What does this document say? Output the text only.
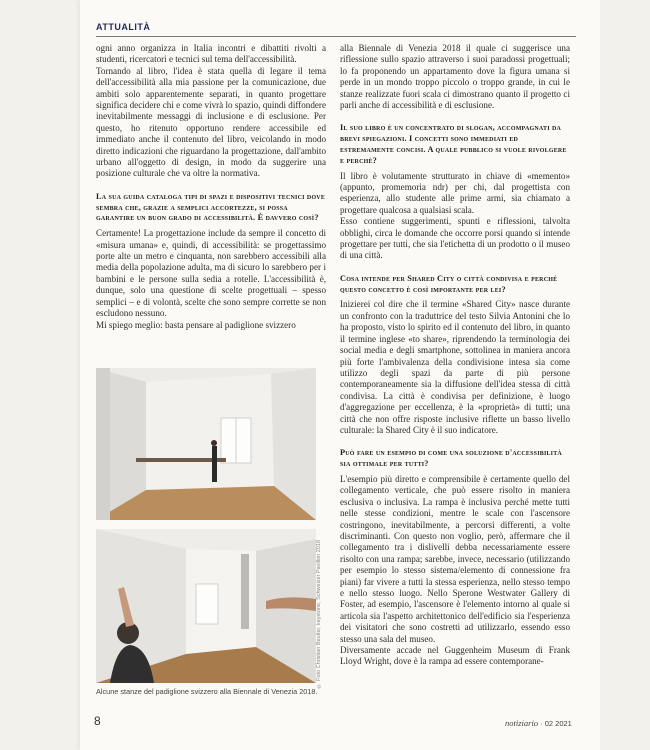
ATTUALITÀ

ogni anno organizza in Italia incontri e dibattiti rivolti a studenti, ricercatori e tecnici sul tema dell'accessibilità.

Tornando al libro, l'idea è stata quella di legare il tema dell'accessibilità alla mia passione per la comunicazione, due ambiti solo apparentemente separati, in quanto progettare significa decidere chi e come vivrà lo spazio, quindi diffondere inevitabilmente messaggi di inclusione e di esclusione. Per questo, ho ritenuto opportuno rendere accessibile ed immediato anche il contenuto del libro, veicolando in modo diretto indicazioni che riguardano la progettazione, dall'ambito urbano all'oggetto di design, in modo da suggerire una posizione culturale che va oltre la normativa.

La sua guida cataloga tipi di spazi e dispositivi tecnici dove sembra che, grazie a semplici accortezze, si possa garantire un buon grado di accessibilità. È davvero così?

Certamente! La progettazione include da sempre il concetto di «misura umana» e, quindi, di accessibilità: se progettassimo porte alte un metro e cinquanta, non sarebbero accessibili alla media della popolazione adulta, ma di sicuro lo sarebbero per i bambini e le persone sulla sedia a rotelle. L'accessibilità è, dunque, solo una questione di scelte progettuali – spesso semplici – e di volontà, scelte che sono sempre corrette se non escludono nessuno.

Mi spiego meglio: basta pensare al padiglione svizzero

© Foto Christian Beutler, keystone, Schweizer Pavillon 2018
Alcune stanze del padiglione svizzero alla Biennale di Venezia 2018.

alla Biennale di Venezia 2018 il quale ci suggerisce una riflessione sullo spazio attraverso i suoi paradossi progettuali; lo fa proponendo un appartamento dove la figura umana si perde in un mondo troppo piccolo o troppo grande, in cui le stanze realizzate fuori scala ci dimostrano quanto il progetto ci parli anche di accessibilità e di esclusione.

Il suo libro è un concentrato di slogan, accompagnati da brevi spiegazioni. I concetti sono immediati ed estremamente concisi. A quale pubblico si vuole rivolgere e perché?

Il libro è volutamente strutturato in chiave di «memento» (appunto, promemoria ndr) per chi, dal progettista con esperienza, allo studente alle prime armi, sia chiamato a progettare qualcosa a qualsiasi scala.

Esso contiene suggerimenti, spunti e riflessioni, talvolta obblighi, circa le domande che occorre porsi quando si intende progettare per tutti, che sia l'etichetta di un prodotto o il museo di una città.

Cosa intende per Shared City o città condivisa e perché questo concetto è così importante per lei?

Inizierei col dire che il termine «Shared City» nasce durante un confronto con la traduttrice del testo Silvia Antonini che lo ha proposto, visto lo spirito ed il contenuto del libro, in quanto il termine inglese «to share», riprendendo la terminologia dei social media e degli smartphone, sottolinea in maniera ancora più forte l'ambivalenza della condivisione intesa sia come utilizzo degli spazi da parte di più persone contemporaneamente sia la diffusione dell'idea stessa di città condivisa. La città è condivisa per definizione, è luogo d'aggregazione per eccellenza, è la «proprietà» di tutti; una città che non offre risposte inclusive riflette un basso livello culturale: la Shared City è il suo indicatore.

Può fare un esempio di come una soluzione d'accessibilità sia ottimale per tutti?

L'esempio più diretto e comprensibile è certamente quello del collegamento verticale, che può essere risolto in maniera esclusiva o inclusiva. La rampa è inclusiva perché mette tutti nelle stesse condizioni, mentre le scale con l'ascensore costringono, inevitabilmente, a percorsi differenti, a volte discriminanti. Con questo non voglio, però, affermare che il collegamento tra i dislivelli debba necessariamente essere risolto con una rampa; sarebbe, invece, necessario (utilizzando per esempio lo stesso sistema/elemento di connessione fra piani) far vivere a tutti la stessa esperienza, nello stesso tempo e nello stesso luogo. Nello Sperone Westwater Gallery di Foster, ad esempio, l'ascensore è l'elemento intorno al quale si articola sia l'aspetto architettonico dell'edificio sia l'esperienza dei visitatori che sono costretti ad utilizzarlo, essendo esso stesso una sala del museo.

Diversamente accade nel Guggenheim Museum di Frank Lloyd Wright, dove è la rampa ad essere contemporane-

8	notiziario · 02 2021
